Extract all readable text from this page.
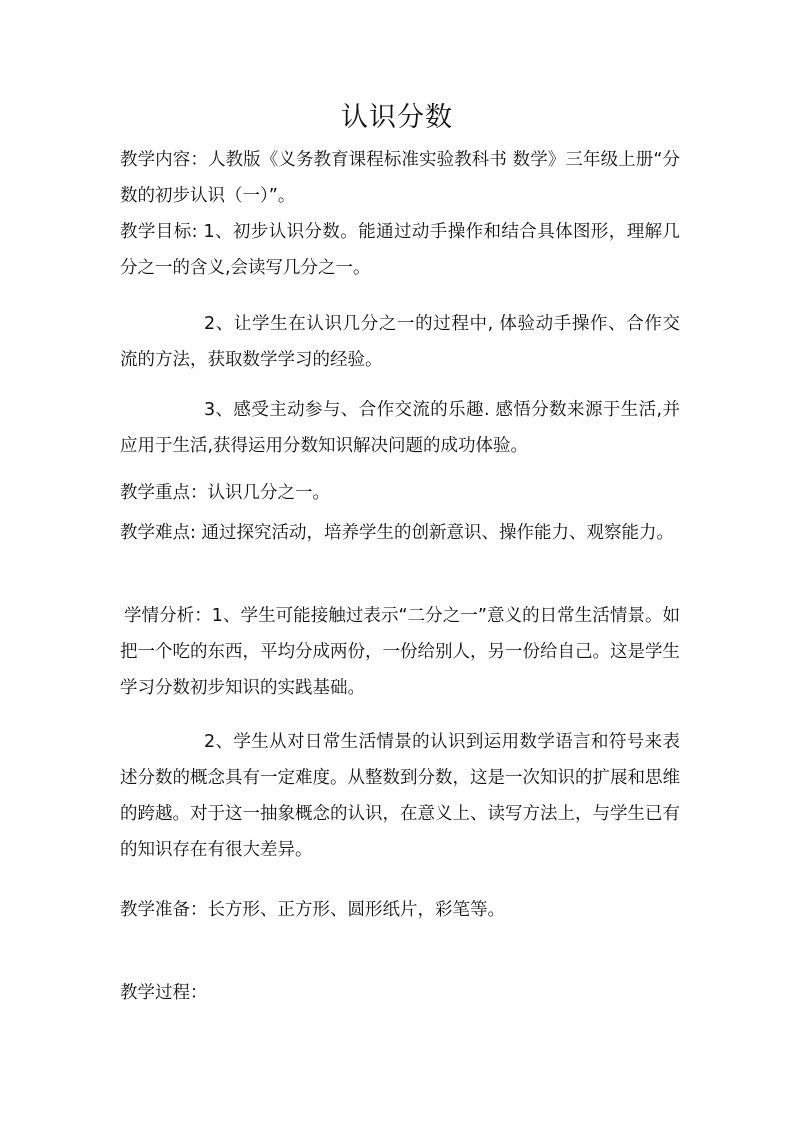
认识分数

教学内容：人教版《义务教育课程标准实验教科书 数学》三年级上册“分数的初步认识（一）”。

教学目标: 1、初步认识分数。能通过动手操作和结合具体图形，理解几分之一的含义,会读写几分之一。

2、让学生在认识几分之一的过程中, 体验动手操作、合作交流的方法，获取数学学习的经验。

3、感受主动参与、合作交流的乐趣. 感悟分数来源于生活,并应用于生活,获得运用分数知识解决问题的成功体验。

教学重点：认识几分之一。

教学难点: 通过探究活动，培养学生的创新意识、操作能力、观察能力。

学情分析：1、学生可能接触过表示“二分之一”意义的日常生活情景。如把一个吃的东西，平均分成两份，一份给别人，另一份给自己。这是学生学习分数初步知识的实践基础。

2、学生从对日常生活情景的认识到运用数学语言和符号来表述分数的概念具有一定难度。从整数到分数，这是一次知识的扩展和思维的跨越。对于这一抽象概念的认识，在意义上、读写方法上，与学生已有的知识存在有很大差异。

教学准备：长方形、正方形、圆形纸片，彩笔等。

教学过程：
